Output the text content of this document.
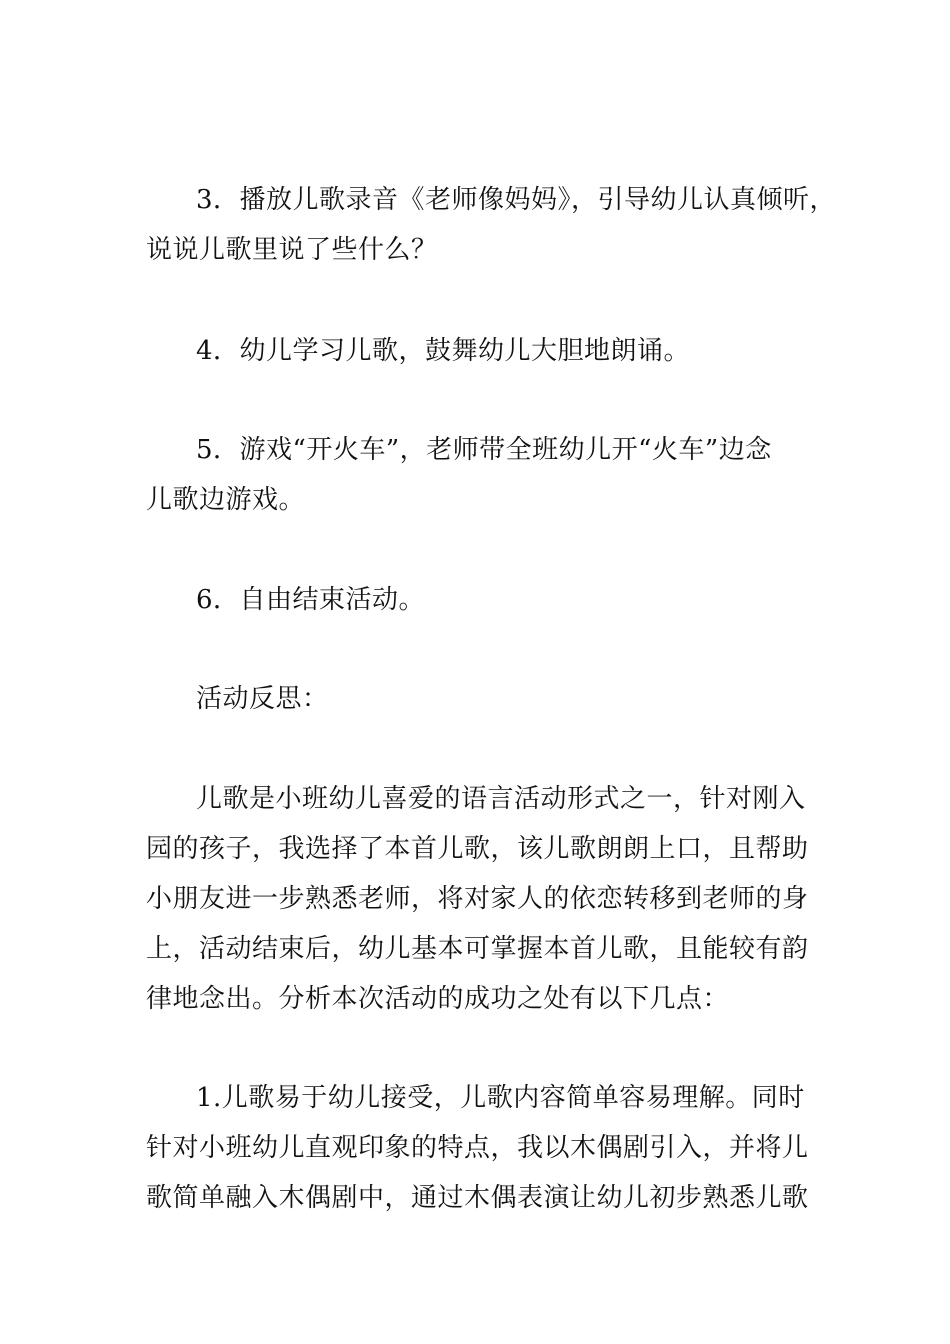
3．播放儿歌录音《老师像妈妈》，引导幼儿认真倾听，
说说儿歌里说了些什么？
4．幼儿学习儿歌，鼓舞幼儿大胆地朗诵。
5．游戏“开火车”，老师带全班幼儿开“火车”边念
儿歌边游戏。
6．自由结束活动。
活动反思：
儿歌是小班幼儿喜爱的语言活动形式之一，针对刚入
园的孩子，我选择了本首儿歌，该儿歌朗朗上口，且帮助
小朋友进一步熟悉老师，将对家人的依恋转移到老师的身
上，活动结束后，幼儿基本可掌握本首儿歌，且能较有韵
律地念出。分析本次活动的成功之处有以下几点：
1.儿歌易于幼儿接受，儿歌内容简单容易理解。同时
针对小班幼儿直观印象的特点，我以木偶剧引入，并将儿
歌简单融入木偶剧中，通过木偶表演让幼儿初步熟悉儿歌
